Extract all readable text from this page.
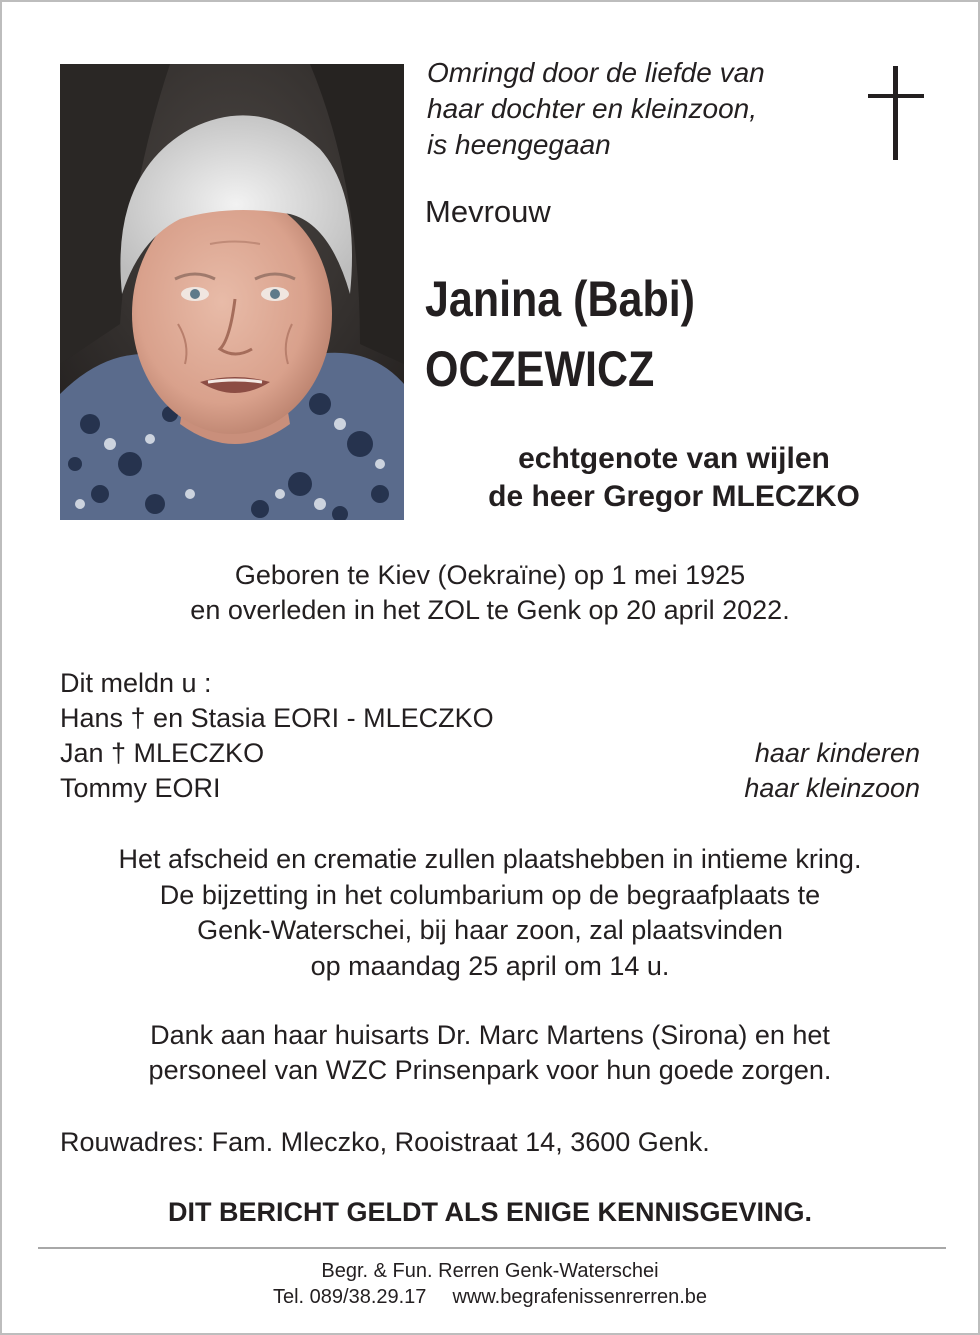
Omringd door de liefde van
haar dochter en kleinzoon,
is heengegaan
Mevrouw
Janina (Babi)
OCZEWICZ
echtgenote van wijlen
de heer Gregor MLECZKO
Geboren te Kiev (Oekraïne) op 1 mei 1925
en overleden in het ZOL te Genk op 20 april 2022.
Dit meldn u :
Hans † en Stasia EORI - MLECZKO
Jan † MLECZKO	haar kinderen
Tommy EORI	haar kleinzoon
Het afscheid en crematie zullen plaatshebben in intieme kring.
De bijzetting in het columbarium op de begraafplaats te
Genk-Waterschei, bij haar zoon, zal plaatsvinden
op maandag 25 april om 14 u.
Dank aan haar huisarts Dr. Marc Martens (Sirona) en het
personeel van WZC Prinsenpark voor hun goede zorgen.
Rouwadres: Fam. Mleczko, Rooistraat 14, 3600 Genk.
DIT BERICHT GELDT ALS ENIGE KENNISGEVING.
Begr. & Fun. Rerren Genk-Waterschei
Tel. 089/38.29.17 www.begrafenissenrerren.be
